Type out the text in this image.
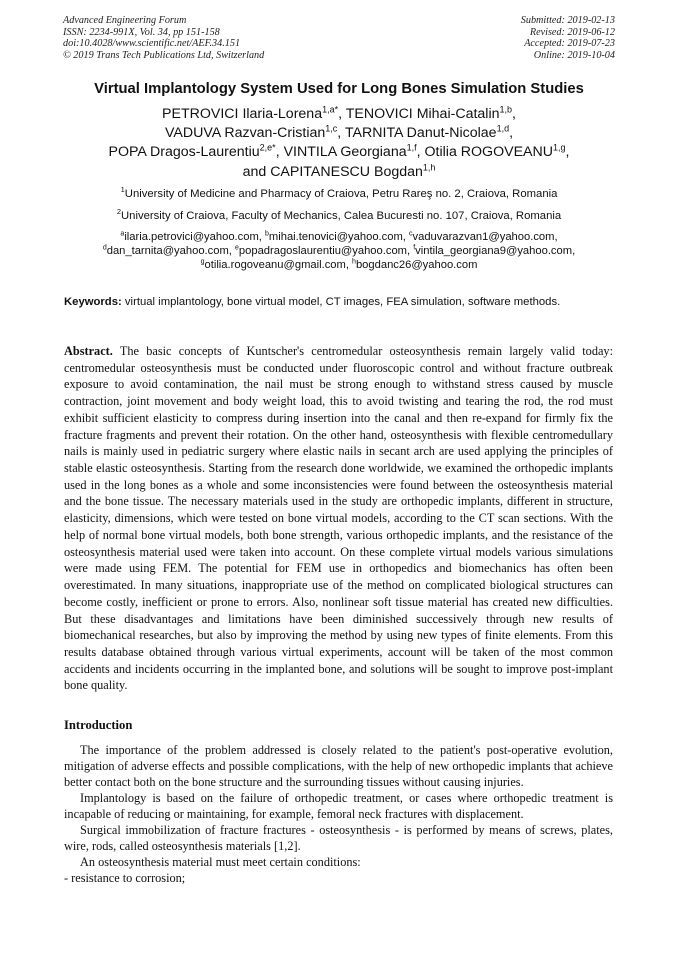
Advanced Engineering Forum
ISSN: 2234-991X, Vol. 34, pp 151-158
doi:10.4028/www.scientific.net/AEF.34.151
© 2019 Trans Tech Publications Ltd, Switzerland
Submitted: 2019-02-13
Revised: 2019-06-12
Accepted: 2019-07-23
Online: 2019-10-04
Virtual Implantology System Used for Long Bones Simulation Studies
PETROVICI Ilaria-Lorena$^{1,a*}$, TENOVICI Mihai-Catalin$^{1,b}$,
VADUVA Razvan-Cristian$^{1,c}$, TARNITA Danut-Nicolae$^{1,d}$,
POPA Dragos-Laurentiu$^{2,e*}$, VINTILA Georgiana$^{1,f}$, Otilia ROGOVEANU$^{1,g}$,
and CAPITANESCU Bogdan$^{1,h}$
$^1$University of Medicine and Pharmacy of Craiova, Petru Rareş no. 2, Craiova, Romania
$^2$University of Craiova, Faculty of Mechanics, Calea Bucuresti no. 107, Craiova, Romania
$^a$ilaria.petrovici@yahoo.com, $^b$mihai.tenovici@yahoo.com, $^c$vaduvarazvan1@yahoo.com,
$^d$dan_tarnita@yahoo.com, $^e$popadragoslaurentiu@yahoo.com, $^f$vintila_georgiana9@yahoo.com,
$^g$otilia.rogoveanu@gmail.com, $^h$bogdanc26@yahoo.com
Keywords: virtual implantology, bone virtual model, CT images, FEA simulation, software methods.
Abstract. The basic concepts of Kuntscher's centromedular osteosynthesis remain largely valid today: centromedular osteosynthesis must be conducted under fluoroscopic control and without fracture outbreak exposure to avoid contamination, the nail must be strong enough to withstand stress caused by muscle contraction, joint movement and body weight load, this to avoid twisting and tearing the rod, the rod must exhibit sufficient elasticity to compress during insertion into the canal and then re-expand for firmly fix the fracture fragments and prevent their rotation. On the other hand, osteosynthesis with flexible centromedullary nails is mainly used in pediatric surgery where elastic nails in secant arch are used applying the principles of stable elastic osteosynthesis. Starting from the research done worldwide, we examined the orthopedic implants used in the long bones as a whole and some inconsistencies were found between the osteosynthesis material and the bone tissue. The necessary materials used in the study are orthopedic implants, different in structure, elasticity, dimensions, which were tested on bone virtual models, according to the CT scan sections. With the help of normal bone virtual models, both bone strength, various orthopedic implants, and the resistance of the osteosynthesis material used were taken into account. On these complete virtual models various simulations were made using FEM. The potential for FEM use in orthopedics and biomechanics has often been overestimated. In many situations, inappropriate use of the method on complicated biological structures can become costly, inefficient or prone to errors. Also, nonlinear soft tissue material has created new difficulties. But these disadvantages and limitations have been diminished successively through new results of biomechanical researches, but also by improving the method by using new types of finite elements. From this results database obtained through various virtual experiments, account will be taken of the most common accidents and incidents occurring in the implanted bone, and solutions will be sought to improve post-implant bone quality.
Introduction

The importance of the problem addressed is closely related to the patient's post-operative evolution, mitigation of adverse effects and possible complications, with the help of new orthopedic implants that achieve better contact both on the bone structure and the surrounding tissues without causing injuries.

Implantology is based on the failure of orthopedic treatment, or cases where orthopedic treatment is incapable of reducing or maintaining, for example, femoral neck fractures with displacement.

Surgical immobilization of fracture fractures - osteosynthesis - is performed by means of screws, plates, wire, rods, called osteosynthesis materials [1,2].

An osteosynthesis material must meet certain conditions:

- resistance to corrosion;
